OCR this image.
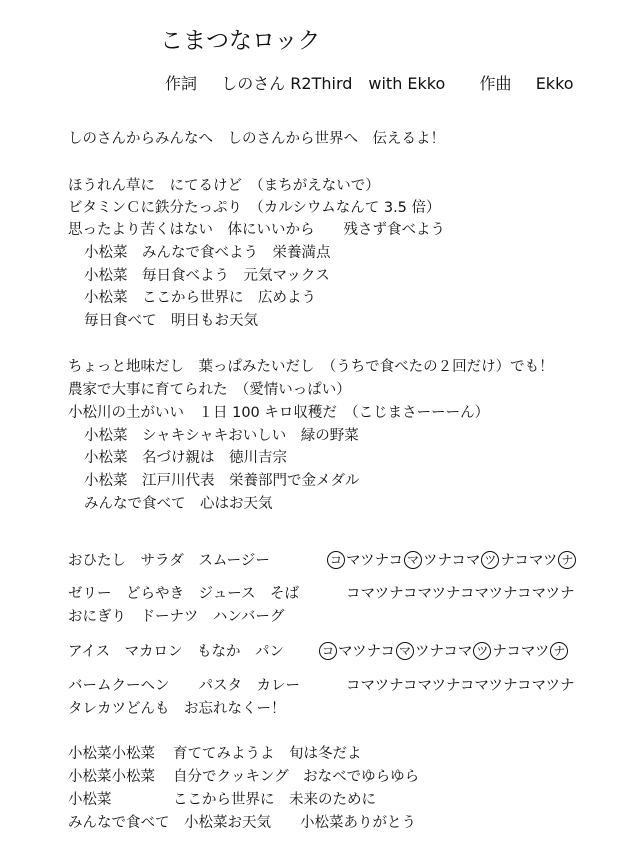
こまつなロック
作詞 しのさん R2Third　with Ekko 作曲 Ekko
しのさんからみんなへ　しのさんから世界へ　伝えるよ！
ほうれん草に　にてるけど　（まちがえないで）
ビタミンＣに鉄分たっぷり　（カルシウムなんて 3.5 倍）
思ったより苦くはない　体にいいから　　残さず食べよう
小松菜　みんなで食べよう　栄養満点
小松菜　毎日食べよう　元気マックス
小松菜　ここから世界に　広めよう
毎日食べて　明日もお天気
ちょっと地味だし　葉っぱみたいだし　（うちで食べたの２回だけ）でも！
農家で大事に育てられた　（愛情いっぱい）
小松川の土がいい　１日 100 キロ収穫だ　（こじまさーーーん）
小松菜　シャキシャキおいしい　緑の野菜
小松菜　名づけ親は　徳川吉宗
小松菜　江戸川代表　栄養部門で金メダル
みんなで食べて　心はお天気
おひたし　サラダ　スムージー	コ マツナコ マ ツナコマ ツ ナコマツ ナ
ゼリー　どらやき　ジュース　そば	コマツナコマツナコマツナコマツナ
おにぎり　ドーナツ　ハンバーグ
アイス　マカロン　もなか　パン	コ マツナコ マ ツナコマ ツ ナコマツ ナ
バームクーヘン　　パスタ　カレー	コマツナコマツナコマツナコマツナ
タレカツどんも　お忘れなくー！
小松菜小松菜 育ててみようよ　旬は冬だよ
小松菜小松菜 自分でクッキング　おなべでゆらゆら
小松菜	ここから世界に　未来のために
みんなで食べて　小松菜お天気　　小松菜ありがとう
